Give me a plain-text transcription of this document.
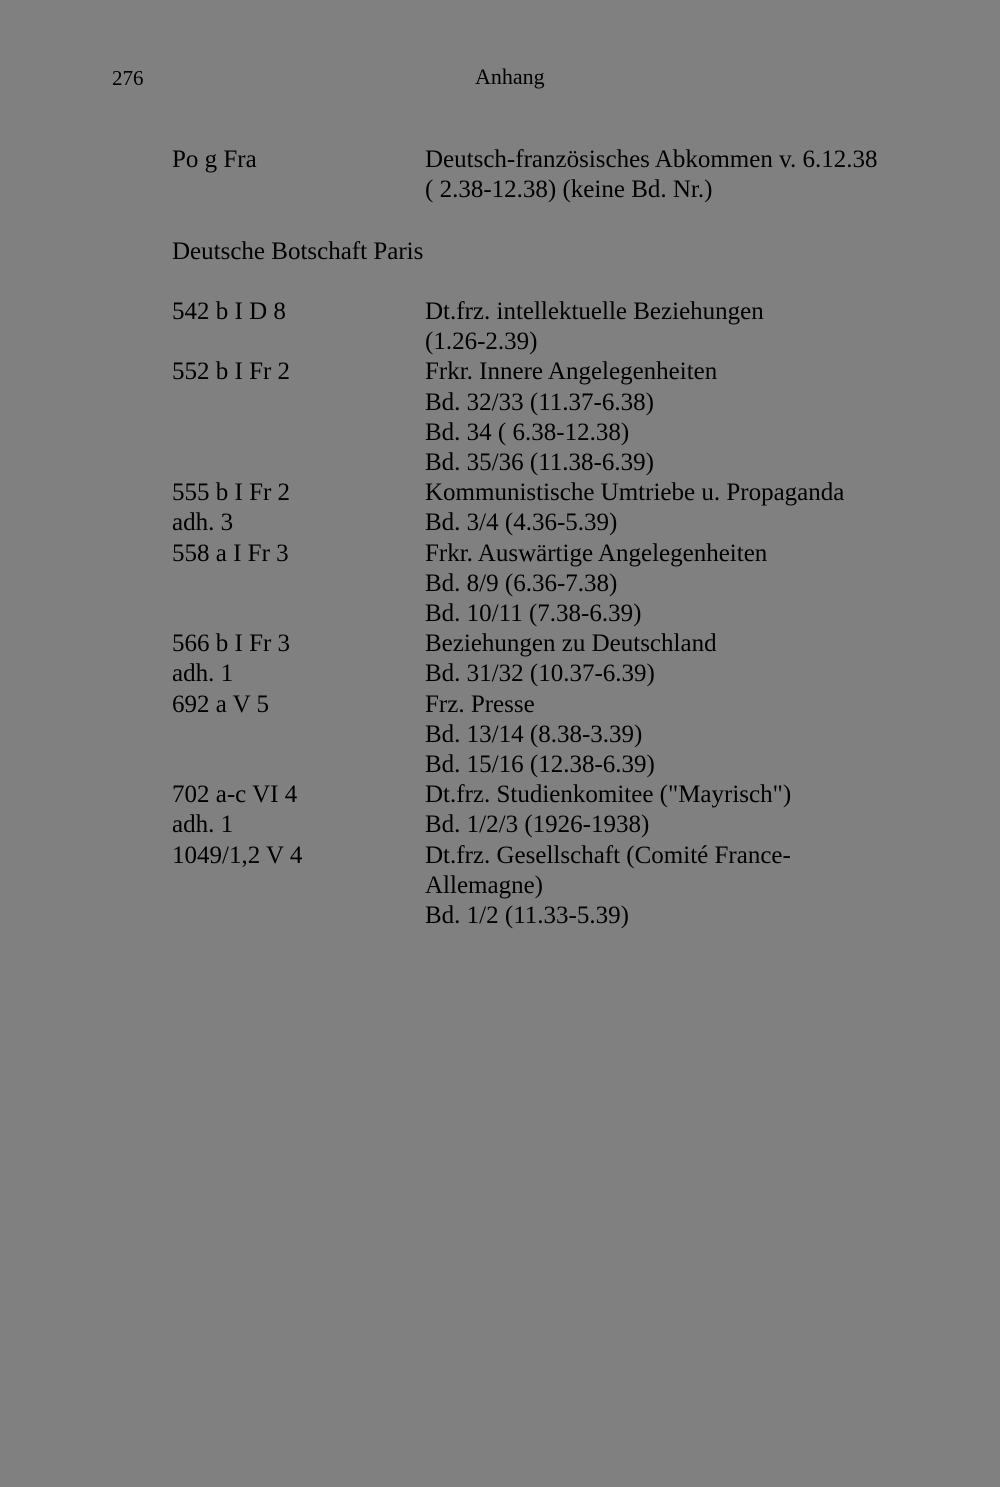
276	Anhang
Po g Fra	Deutsch-französisches Abkommen v. 6.12.38
( 2.38-12.38) (keine Bd. Nr.)
Deutsche Botschaft Paris
542 b I D 8	Dt.frz. intellektuelle Beziehungen
(1.26-2.39)
552 b I Fr 2	Frkr. Innere Angelegenheiten
Bd. 32/33 (11.37-6.38)
Bd. 34 ( 6.38-12.38)
Bd. 35/36 (11.38-6.39)
555 b I Fr 2	Kommunistische Umtriebe u. Propaganda
adh. 3	Bd. 3/4 (4.36-5.39)
558 a I Fr 3	Frkr. Auswärtige Angelegenheiten
Bd. 8/9 (6.36-7.38)
Bd. 10/11 (7.38-6.39)
566 b I Fr 3	Beziehungen zu Deutschland
adh. 1	Bd. 31/32 (10.37-6.39)
692 a V 5	Frz. Presse
Bd. 13/14 (8.38-3.39)
Bd. 15/16 (12.38-6.39)
702 a-c VI 4	Dt.frz. Studienkomitee ("Mayrisch")
adh. 1	Bd. 1/2/3 (1926-1938)
1049/1,2 V 4	Dt.frz. Gesellschaft (Comité France-
Allemagne)
Bd. 1/2 (11.33-5.39)
